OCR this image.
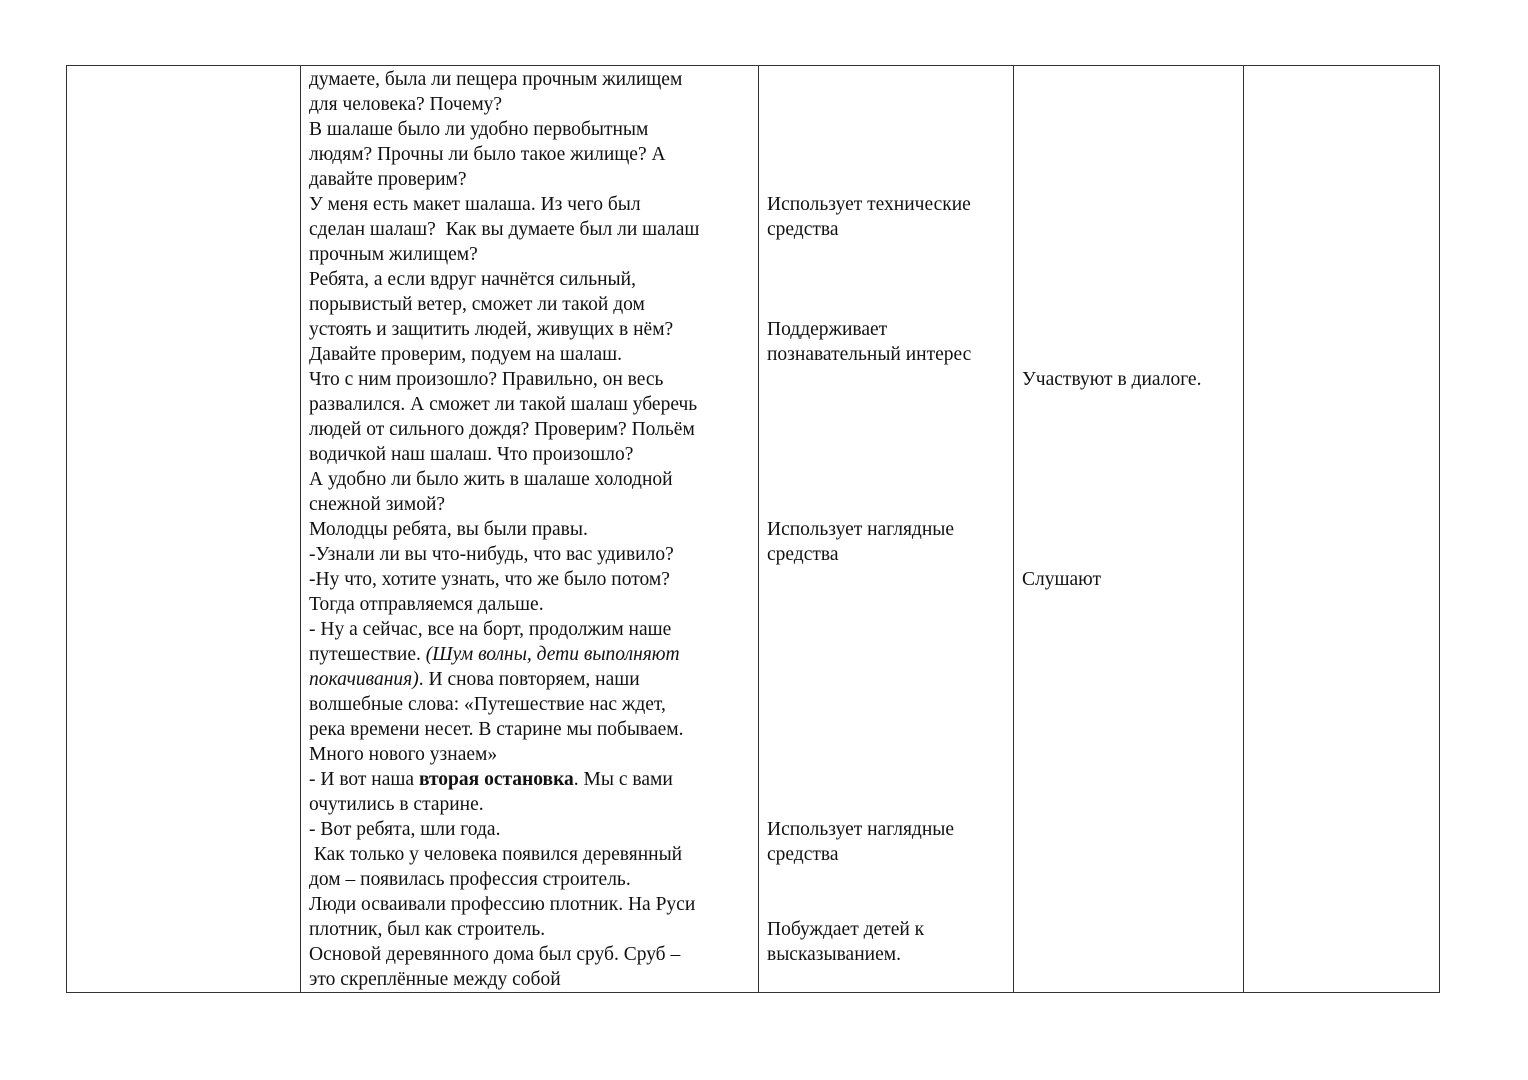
думаете, была ли пещера прочным жилищем
для человека? Почему?
В шалаше было ли удобно первобытным
людям? Прочны ли было такое жилище? А
давайте проверим?
У меня есть макет шалаша. Из чего был
сделан шалаш?  Как вы думаете был ли шалаш
прочным жилищем?
Ребята, а если вдруг начнётся сильный,
порывистый ветер, сможет ли такой дом
устоять и защитить людей, живущих в нём?
Давайте проверим, подуем на шалаш.
Что с ним произошло? Правильно, он весь
развалился. А сможет ли такой шалаш уберечь
людей от сильного дождя? Проверим? Польём
водичкой наш шалаш. Что произошло?
А удобно ли было жить в шалаше холодной
снежной зимой?
Молодцы ребята, вы были правы.
-Узнали ли вы что-нибудь, что вас удивило?
-Ну что, хотите узнать, что же было потом?
Тогда отправляемся дальше.
- Ну а сейчас, все на борт, продолжим наше
путешествие. (Шум волны, дети выполняют
покачивания). И снова повторяем, наши
волшебные слова: «Путешествие нас ждет,
река времени несет. В старине мы побываем.
Много нового узнаем»
- И вот наша вторая остановка. Мы с вами
очутились в старине.
- Вот ребята, шли года.
Как только у человека появился деревянный
дом – появилась профессия строитель.
Люди осваивали профессию плотник. На Руси
плотник, был как строитель.
Основой деревянного дома был сруб. Сруб –
это скреплённые между собой
Использует технические
средства
Поддерживает
познавательный интерес
Использует наглядные
средства
Использует наглядные
средства
Побуждает детей к
высказыванием.
Участвуют в диалоге.
Слушают
